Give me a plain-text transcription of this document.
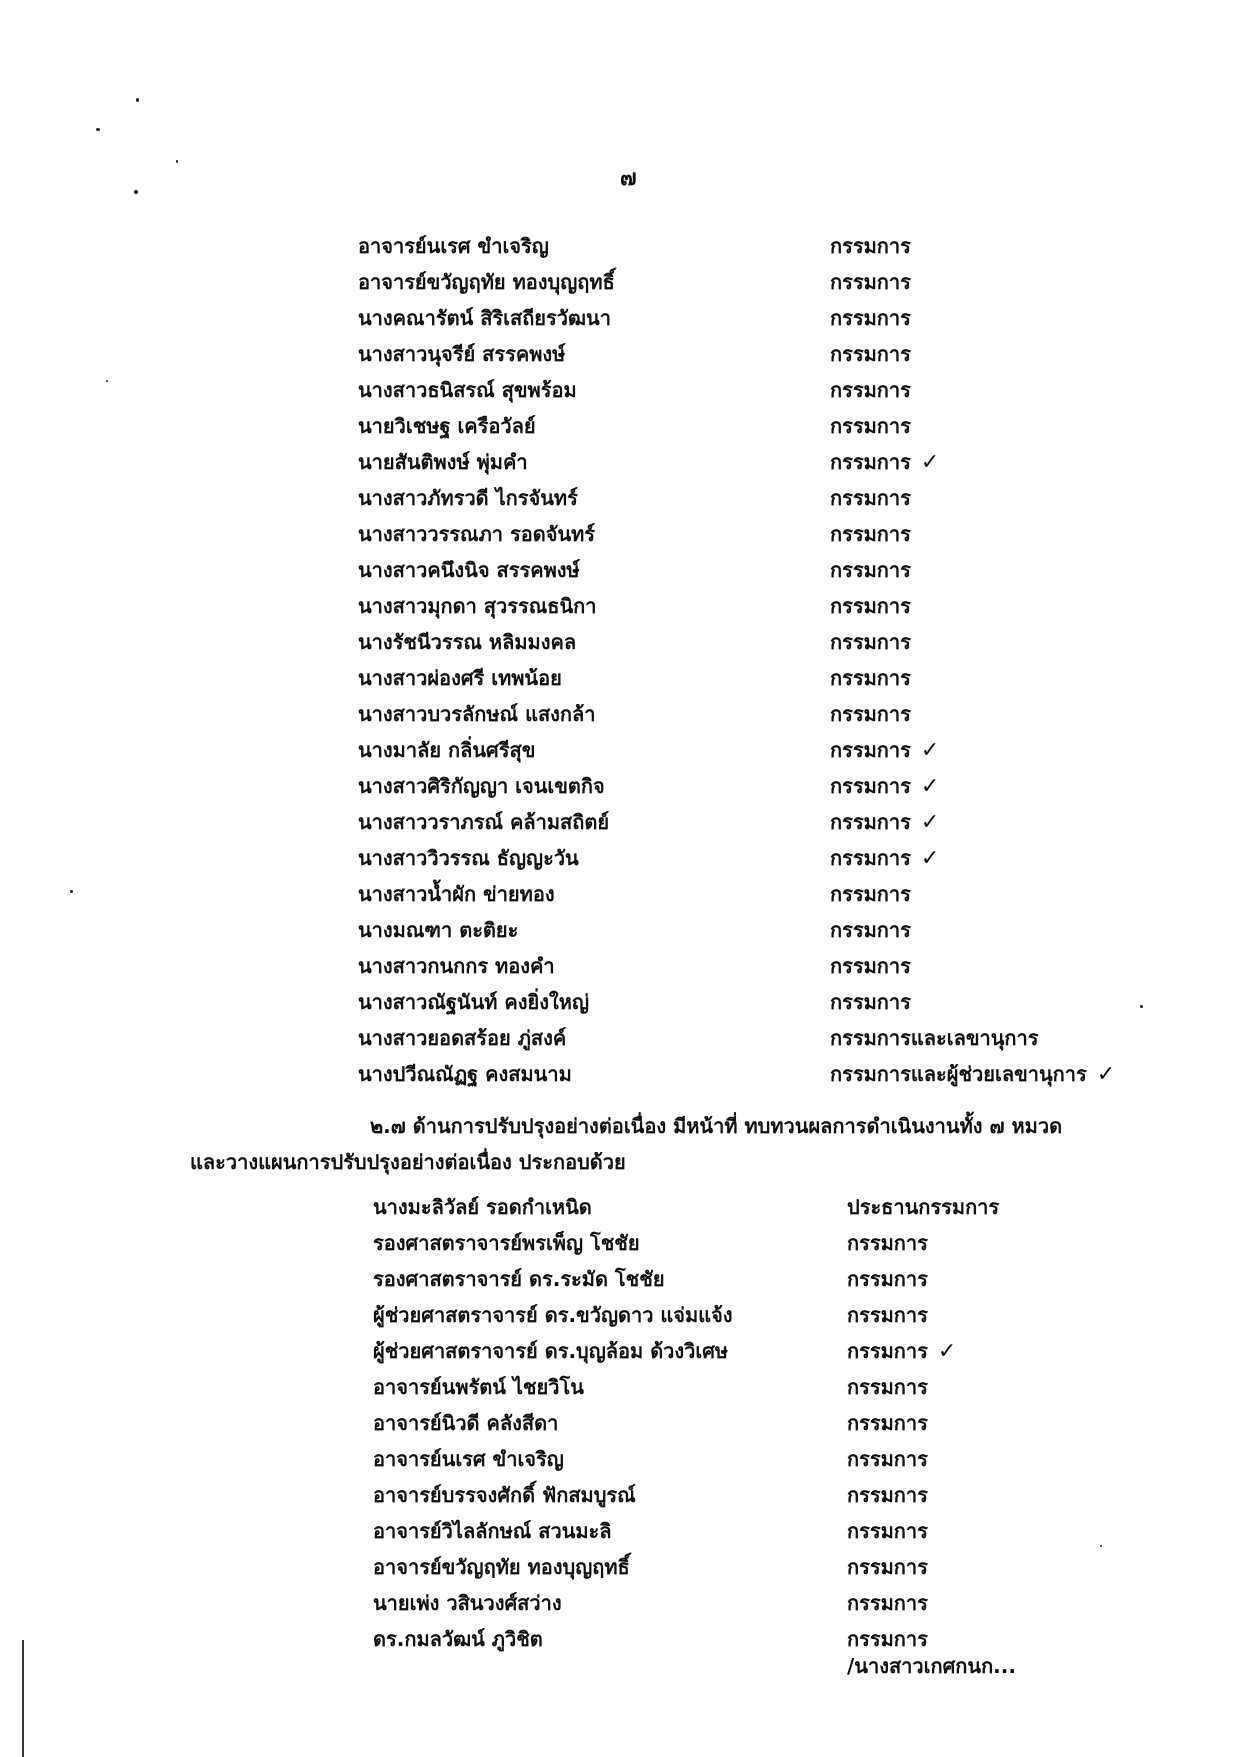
๗
อาจารย์นเรศ ขำเจริญ	กรรมการ
อาจารย์ขวัญฤทัย ทองบุญฤทธิ์	กรรมการ
นางคณารัตน์ สิริเสถียรวัฒนา	กรรมการ
นางสาวนุจรีย์ สรรคพงษ์	กรรมการ
นางสาวธนิสรณ์ สุขพร้อม	กรรมการ
นายวิเชษฐ เครือวัลย์	กรรมการ
นายสันติพงษ์ พุ่มคำ	กรรมการ ✓
นางสาวภัทรวดี ไกรจันทร์	กรรมการ
นางสาววรรณภา รอดจันทร์	กรรมการ
นางสาวคนึงนิจ สรรคพงษ์	กรรมการ
นางสาวมุกดา สุวรรณธนิกา	กรรมการ
นางรัชนีวรรณ หลิมมงคล	กรรมการ
นางสาวผ่องศรี เทพน้อย	กรรมการ
นางสาวบวรลักษณ์ แสงกล้า	กรรมการ
นางมาลัย กลิ่นศรีสุข	กรรมการ ✓
นางสาวศิริกัญญา เจนเขตกิจ	กรรมการ ✓
นางสาววราภรณ์ คล้ามสถิตย์	กรรมการ ✓
นางสาววิวรรณ ธัญญะวัน	กรรมการ ✓
นางสาวน้ำผัก ข่ายทอง	กรรมการ
นางมณฑา ตะติยะ	กรรมการ
นางสาวกนกกร ทองคำ	กรรมการ
นางสาวณัฐนันท์ คงยิ่งใหญ่	กรรมการ
นางสาวยอดสร้อย ภู่สงค์	กรรมการและเลขานุการ
นางปวีณณัฏฐ คงสมนาม	กรรมการและผู้ช่วยเลขานุการ ✓
๒.๗ ด้านการปรับปรุงอย่างต่อเนื่อง มีหน้าที่ ทบทวนผลการดำเนินงานทั้ง ๗ หมวด
และวางแผนการปรับปรุงอย่างต่อเนื่อง ประกอบด้วย
นางมะลิวัลย์ รอดกำเหนิด	ประธานกรรมการ
รองศาสตราจารย์พรเพ็ญ โชชัย	กรรมการ
รองศาสตราจารย์ ดร.ระมัด โชชัย	กรรมการ
ผู้ช่วยศาสตราจารย์ ดร.ขวัญดาว แจ่มแจ้ง	กรรมการ
ผู้ช่วยศาสตราจารย์ ดร.บุญล้อม ด้วงวิเศษ	กรรมการ ✓
อาจารย์นพรัตน์ ไชยวิโน	กรรมการ
อาจารย์นิวดี คลังสีดา	กรรมการ
อาจารย์นเรศ ขำเจริญ	กรรมการ
อาจารย์บรรจงศักดิ์ ฟักสมบูรณ์	กรรมการ
อาจารย์วิไลลักษณ์ สวนมะลิ	กรรมการ
อาจารย์ขวัญฤทัย ทองบุญฤทธิ์	กรรมการ
นายเพ่ง วสินวงศ์สว่าง	กรรมการ
ดร.กมลวัฒน์ ภูวิชิต	กรรมการ
/นางสาวเกศกนก...
